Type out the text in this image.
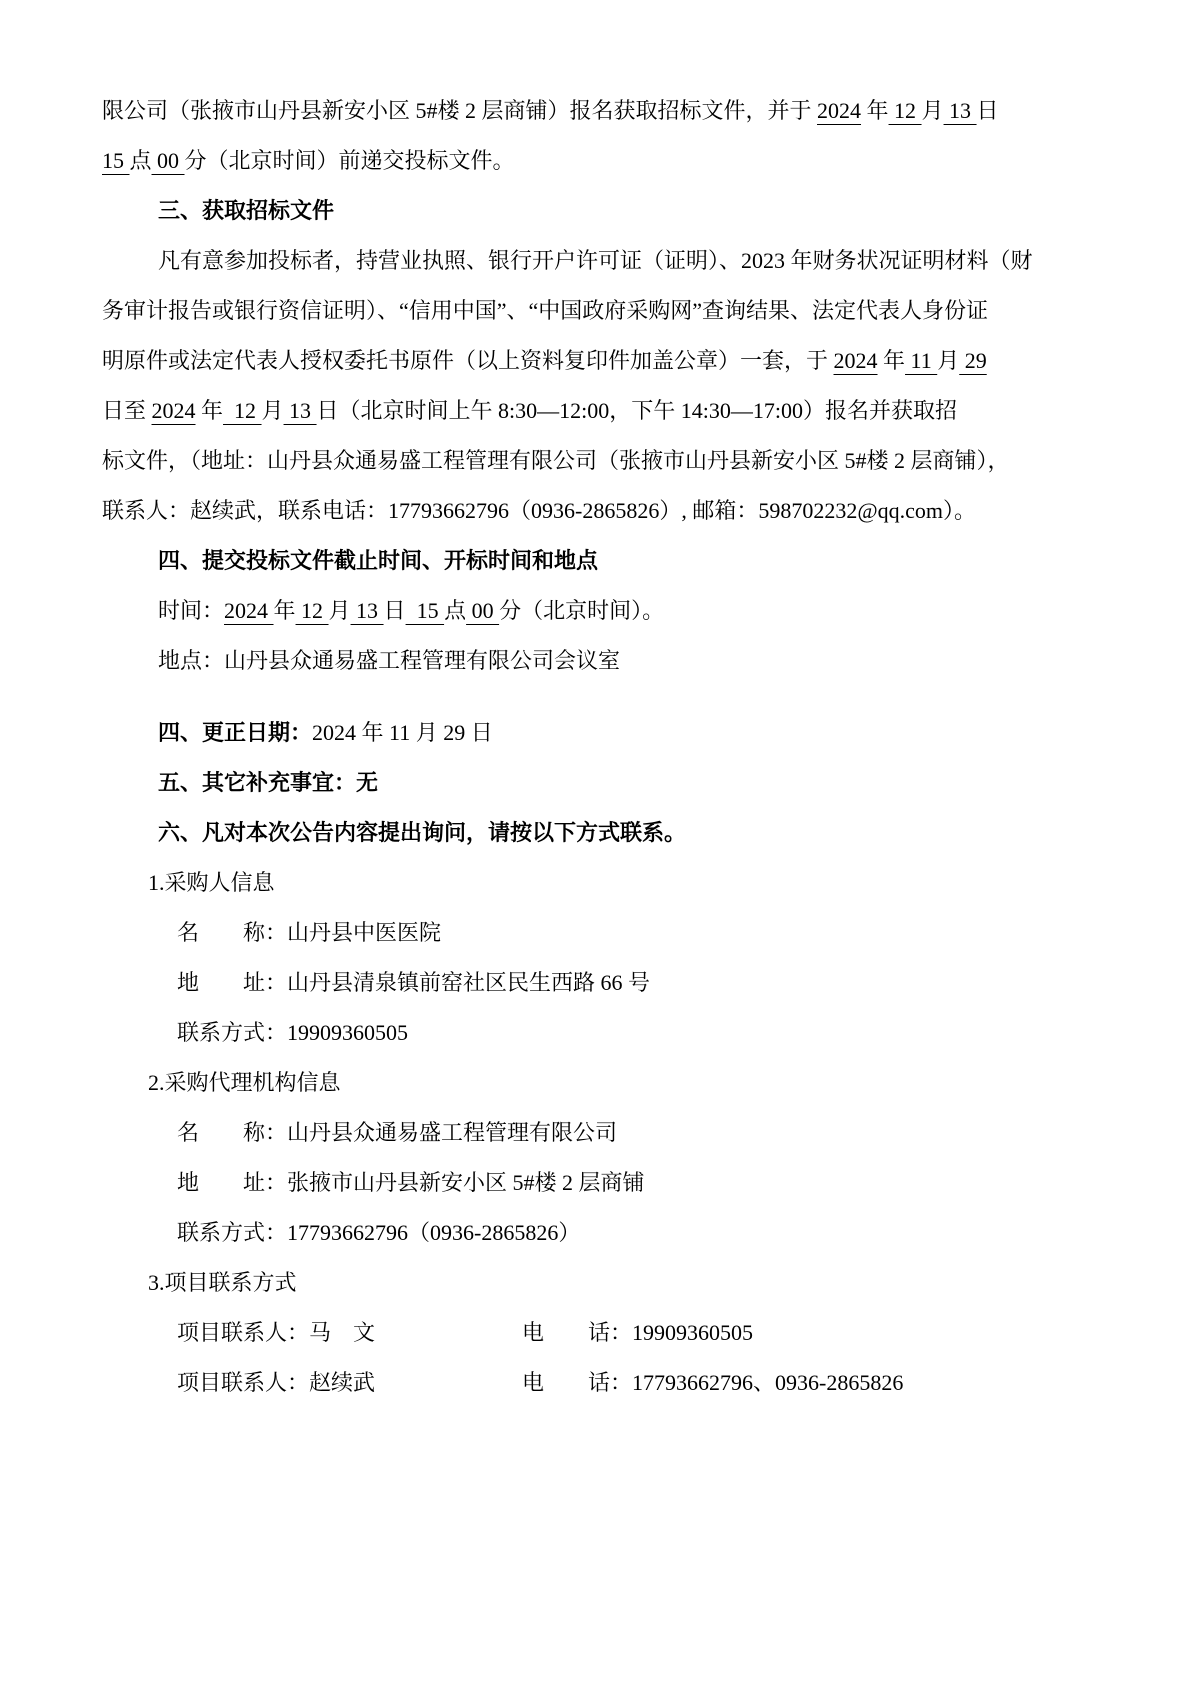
限公司（张掖市山丹县新安小区 5#楼 2 层商铺）报名获取招标文件，并于 2024 年 12 月 13 日

15 点 00 分（北京时间）前递交投标文件。

三、获取招标文件

凡有意参加投标者，持营业执照、银行开户许可证（证明）、2023 年财务状况证明材料（财

务审计报告或银行资信证明）、“信用中国”、“中国政府采购网”查询结果、法定代表人身份证

明原件或法定代表人授权委托书原件（以上资料复印件加盖公章）一套，于 2024 年 11 月 29

日至 2024 年  12 月 13 日（北京时间上午 8:30—12:00，下午 14:30—17:00）报名并获取招

标文件，（地址：山丹县众通易盛工程管理有限公司（张掖市山丹县新安小区 5#楼 2 层商铺），

联系人：赵续武，联系电话：17793662796（0936-2865826）, 邮箱：598702232@qq.com）。

四、提交投标文件截止时间、开标时间和地点

时间：2024 年 12 月 13 日  15 点 00 分（北京时间）。

地点：山丹县众通易盛工程管理有限公司会议室

四、更正日期：2024 年 11 月 29 日

五、其它补充事宜：无

六、凡对本次公告内容提出询问，请按以下方式联系。

1.采购人信息

名　　称：山丹县中医医院

地　　址：山丹县清泉镇前窑社区民生西路 66 号

联系方式：19909360505

2.采购代理机构信息

名　　称：山丹县众通易盛工程管理有限公司

地　　址：张掖市山丹县新安小区 5#楼 2 层商铺

联系方式：17793662796（0936-2865826）

3.项目联系方式

项目联系人：马　文	电　　话：19909360505

项目联系人：赵续武	电　　话：17793662796、0936-2865826
